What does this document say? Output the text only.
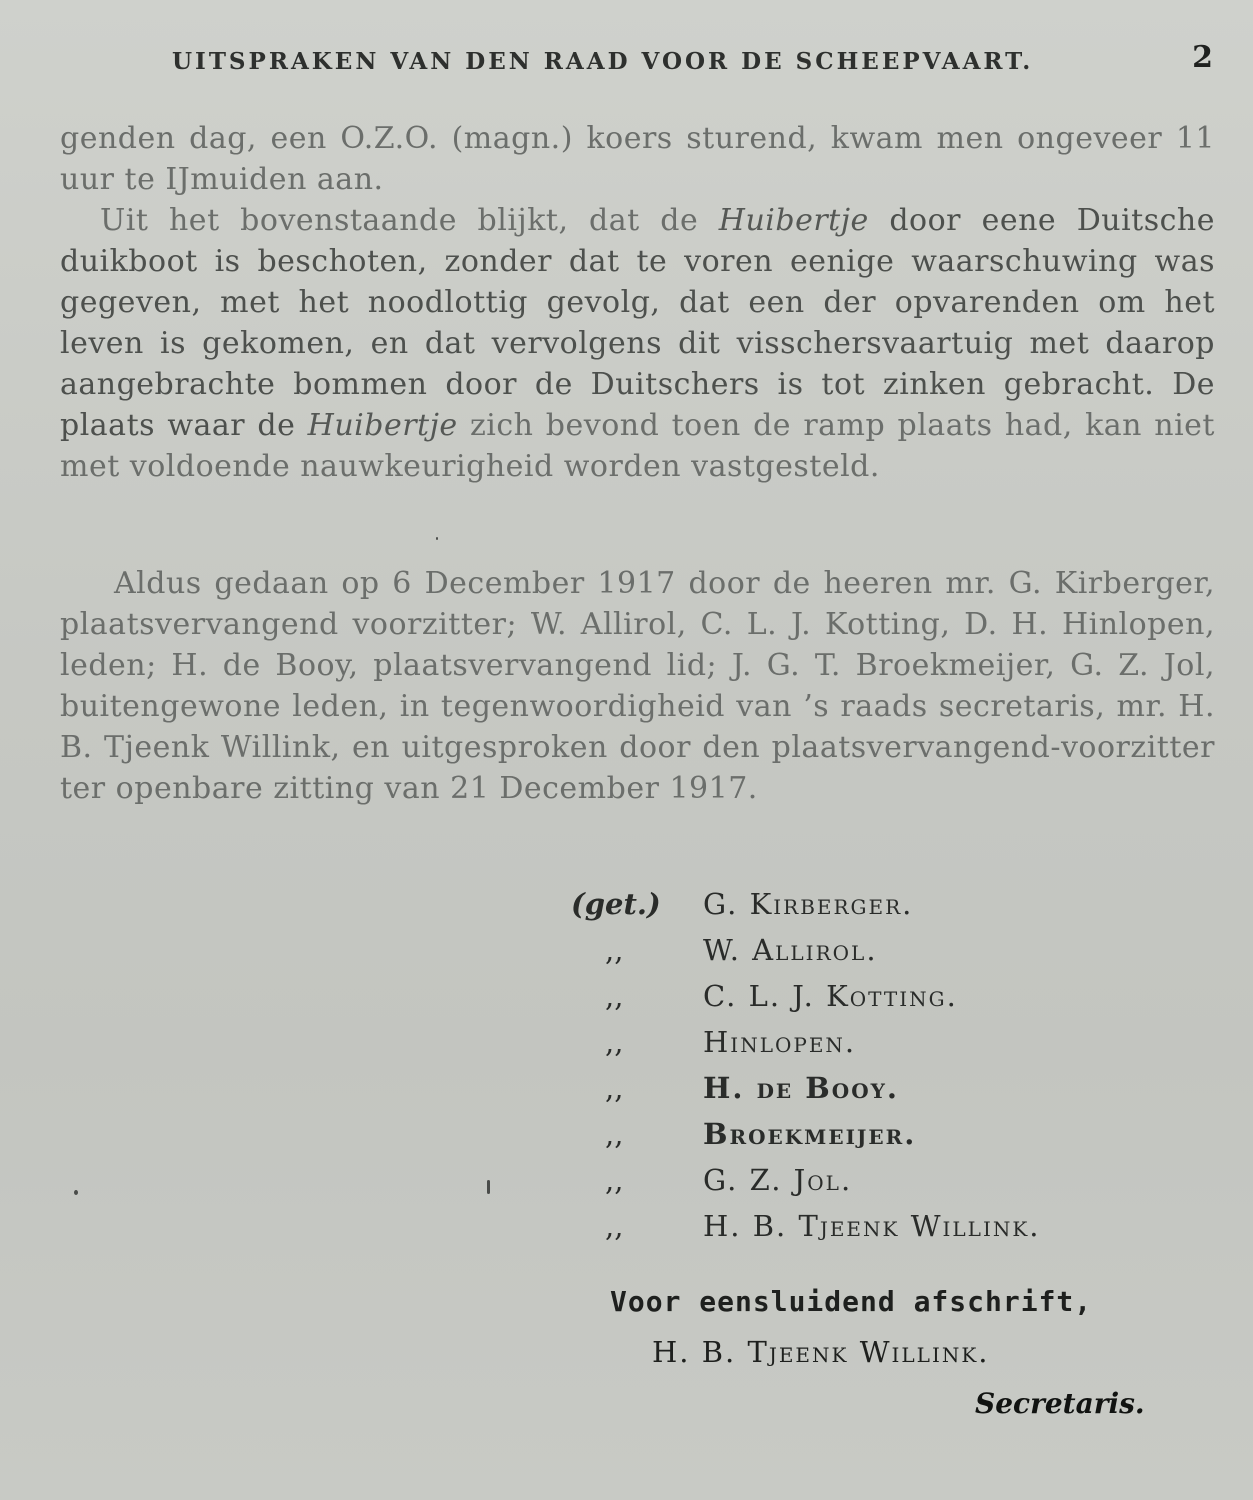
UITSPRAKEN VAN DEN RAAD VOOR DE SCHEEPVAART.	2

genden dag, een O.Z.O. (magn.) koers sturend, kwam men ongeveer 11 uur te IJmuiden aan.

Uit het bovenstaande blijkt, dat de Huibertje door eene Duitsche duikboot is beschoten, zonder dat te voren eenige waarschuwing was gegeven, met het noodlottig gevolg, dat een der opvarenden om het leven is gekomen, en dat vervolgens dit visschersvaartuig met daarop aangebrachte bommen door de Duitschers is tot zinken gebracht. De plaats waar de Huibertje zich bevond toen de ramp plaats had, kan niet met voldoende nauwkeurigheid worden vastgesteld.

Aldus gedaan op 6 December 1917 door de heeren mr. G. Kirberger, plaatsvervangend voorzitter; W. Allirol, C. L. J. Kotting, D. H. Hinlopen, leden; H. de Booy, plaatsvervangend lid; J. G. T. Broekmeijer, G. Z. Jol, buitengewone leden, in tegenwoordigheid van ’s raads secretaris, mr. H. B. Tjeenk Willink, en uitgesproken door den plaatsvervangend-voorzitter ter openbare zitting van 21 December 1917.
(get.) G. Kirberger.
,,	W. Allirol.
,,	C. L. J. Kotting.
,,	Hinlopen.
,,	H. de Booy.
,,	Broekmeijer.
,,	G. Z. Jol.
,,	H. B. Tjeenk Willink.
Voor eensluidend afschrift,
H. B. Tjeenk Willink.
Secretaris.
